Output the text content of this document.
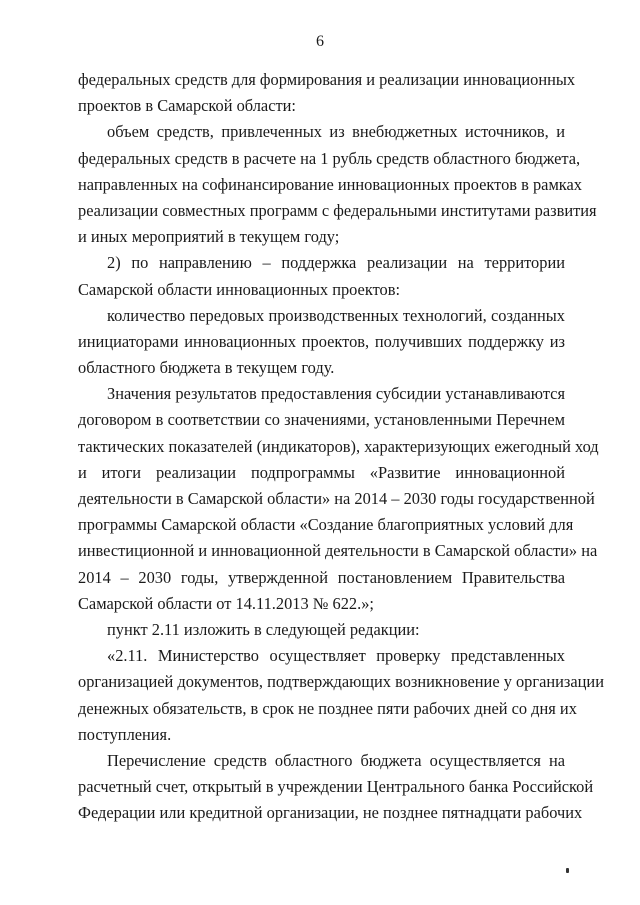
6
федеральных средств для формирования и реализации инновационных
проектов в Самарской области:
объем средств, привлеченных из внебюджетных источников, и
федеральных средств в расчете на 1 рубль средств областного бюджета,
направленных на софинансирование инновационных проектов в рамках
реализации совместных программ с федеральными институтами развития
и иных мероприятий в текущем году;
2) по направлению – поддержка реализации на территории
Самарской области инновационных проектов:
количество передовых производственных технологий, созданных
инициаторами инновационных проектов, получивших поддержку из
областного бюджета в текущем году.
Значения результатов предоставления субсидии устанавливаются
договором в соответствии со значениями, установленными Перечнем
тактических показателей (индикаторов), характеризующих ежегодный ход
и итоги реализации подпрограммы «Развитие инновационной
деятельности в Самарской области» на 2014 – 2030 годы государственной
программы Самарской области «Создание благоприятных условий для
инвестиционной и инновационной деятельности в Самарской области» на
2014 – 2030 годы, утвержденной постановлением Правительства
Самарской области от 14.11.2013 № 622.»;
пункт 2.11 изложить в следующей редакции:
«2.11. Министерство осуществляет проверку представленных
организацией документов, подтверждающих возникновение у организации
денежных обязательств, в срок не позднее пяти рабочих дней со дня их
поступления.
Перечисление средств областного бюджета осуществляется на
расчетный счет, открытый в учреждении Центрального банка Российской
Федерации или кредитной организации, не позднее пятнадцати рабочих
